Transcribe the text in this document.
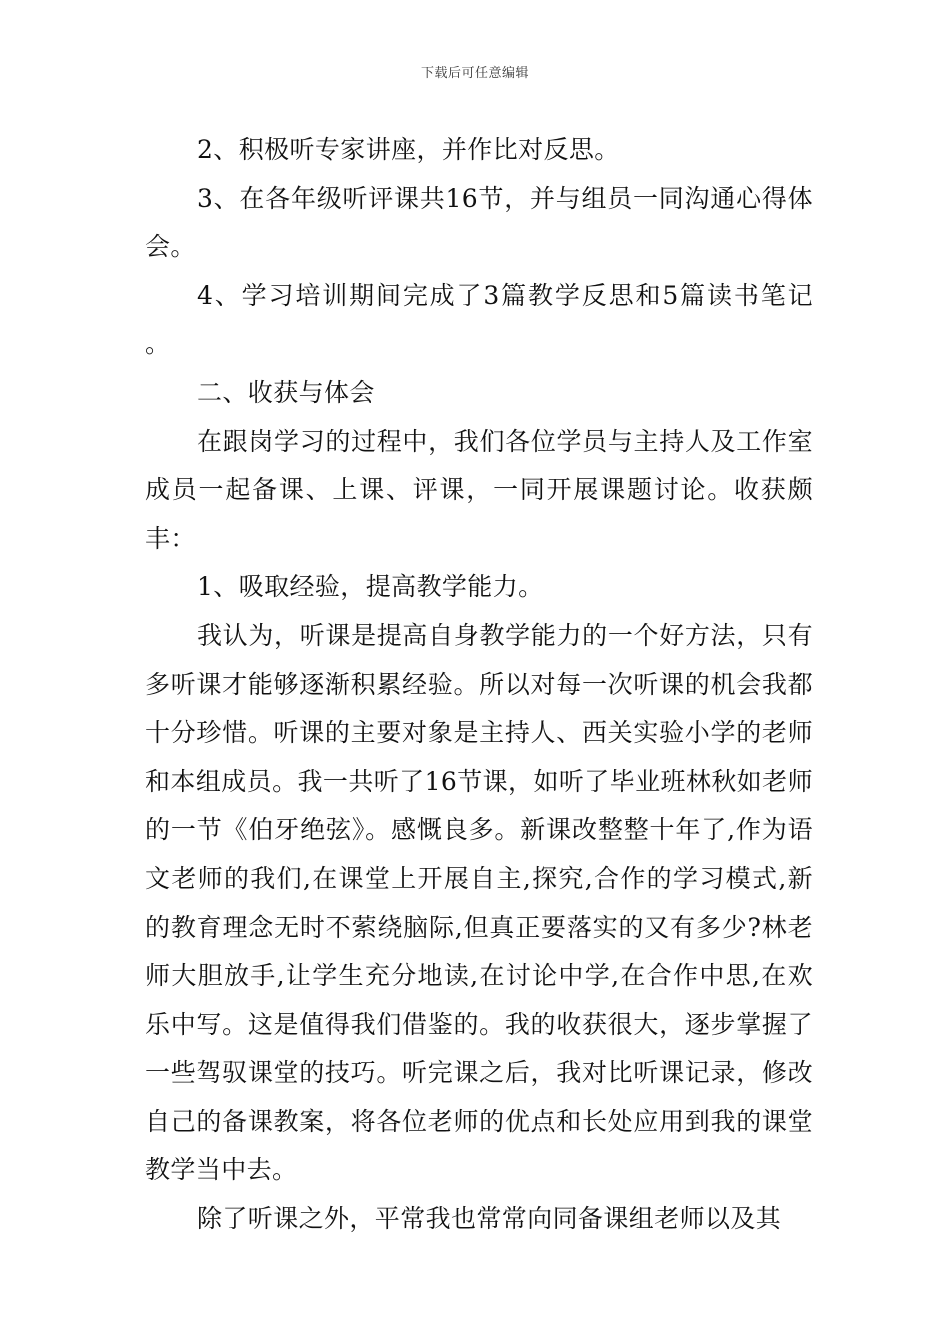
下载后可任意编辑

2、积极听专家讲座，并作比对反思。

3、在各年级听评课共16节，并与组员一同沟通心得体会。

4、学习培训期间完成了3篇教学反思和5篇读书笔记 。

二、收获与体会

在跟岗学习的过程中，我们各位学员与主持人及工作室成员一起备课、上课、评课，一同开展课题讨论。收获颇丰：

1、吸取经验，提高教学能力。

我认为，听课是提高自身教学能力的一个好方法，只有多听课才能够逐渐积累经验。所以对每一次听课的机会我都十分珍惜。听课的主要对象是主持人、西关实验小学的老师和本组成员。我一共听了16节课，如听了毕业班林秋如老师的一节《伯牙绝弦》。感慨良多。新课改整整十年了,作为语文老师的我们,在课堂上开展自主,探究,合作的学习模式,新的教育理念无时不萦绕脑际,但真正要落实的又有多少?林老师大胆放手,让学生充分地读,在讨论中学,在合作中思,在欢乐中写。这是值得我们借鉴的。我的收获很大，逐步掌握了一些驾驭课堂的技巧。听完课之后，我对比听课记录，修改自己的备课教案，将各位老师的优点和长处应用到我的课堂教学当中去。

除了听课之外，平常我也常常向同备课组老师以及其
